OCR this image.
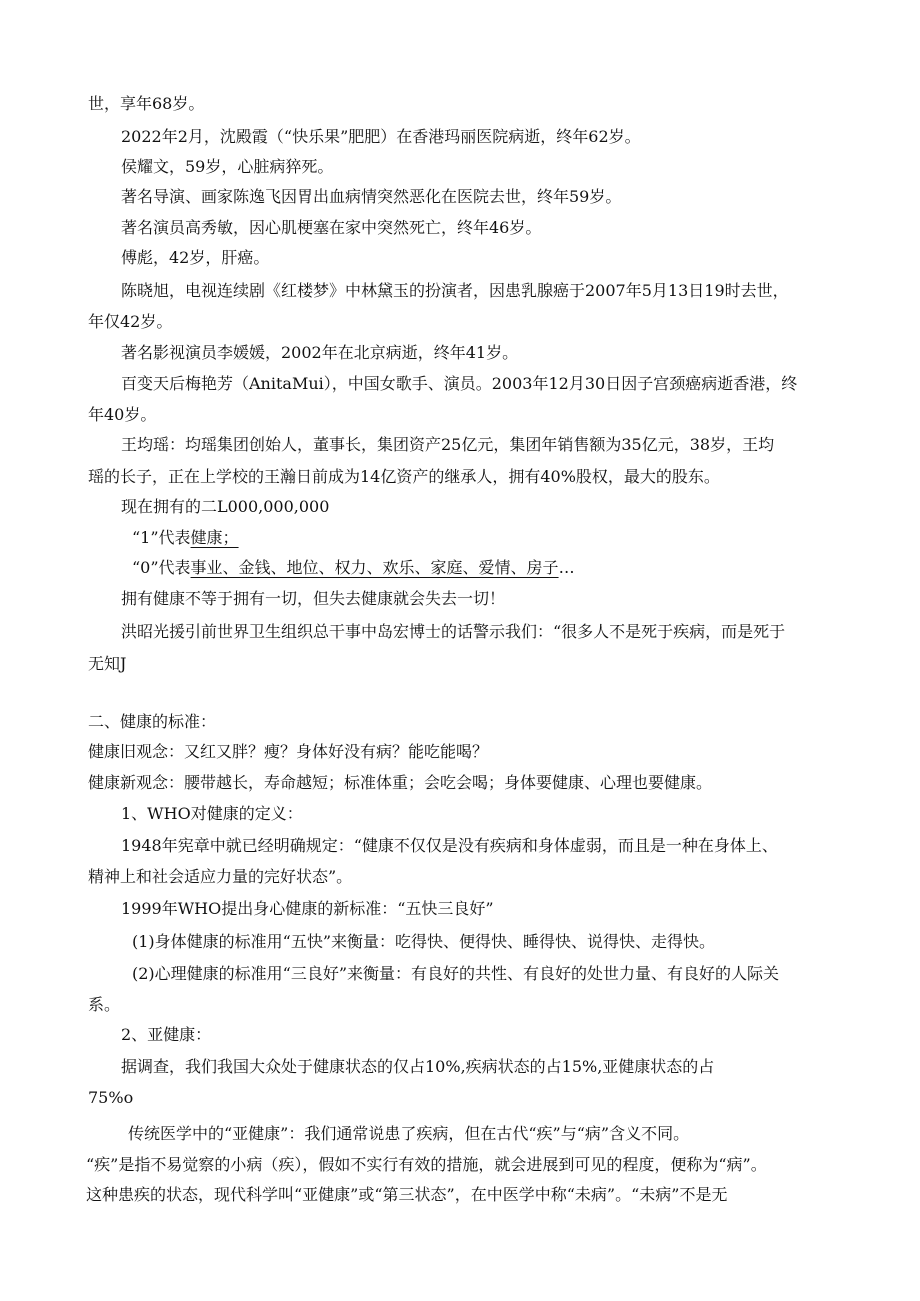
世，享年68岁。
2022年2月，沈殿霞（“快乐果”肥肥）在香港玛丽医院病逝，终年62岁。
侯耀文，59岁，心脏病猝死。
著名导演、画家陈逸飞因胃出血病情突然恶化在医院去世，终年59岁。
著名演员高秀敏，因心肌梗塞在家中突然死亡，终年46岁。
傅彪，42岁，肝癌。
陈晓旭，电视连续剧《红楼梦》中林黛玉的扮演者，因患乳腺癌于2007年5月13日19时去世，
年仅42岁。
著名影视演员李媛媛，2002年在北京病逝，终年41岁。
百变天后梅艳芳（AnitaMui），中国女歌手、演员。2003年12月30日因子宫颈癌病逝香港，终
年40岁。
王均瑶：均瑶集团创始人，董事长，集团资产25亿元，集团年销售额为35亿元，38岁，王均
瑶的长子，正在上学校的王瀚日前成为14亿资产的继承人，拥有40%股权，最大的股东。
现在拥有的二L000,000,000
“1”代表健康；
“0”代表事业、金钱、地位、权力、欢乐、家庭、爱情、房子…
拥有健康不等于拥有一切，但失去健康就会失去一切！
洪昭光援引前世界卫生组织总干事中岛宏博士的话警示我们：“很多人不是死于疾病，而是死于
无知J
二、健康的标准：
健康旧观念：又红又胖？瘦？身体好没有病？能吃能喝？
健康新观念：腰带越长，寿命越短；标准体重；会吃会喝；身体要健康、心理也要健康。
1、WHO对健康的定义：
1948年宪章中就已经明确规定：“健康不仅仅是没有疾病和身体虚弱，而且是一种在身体上、
精神上和社会适应力量的完好状态”。
1999年WHO提出身心健康的新标准：“五快三良好”
(1)身体健康的标准用“五快”来衡量：吃得快、便得快、睡得快、说得快、走得快。
(2)心理健康的标准用“三良好”来衡量：有良好的共性、有良好的处世力量、有良好的人际关
系。
2、亚健康：
据调查，我们我国大众处于健康状态的仅占10%,疾病状态的占15%,亚健康状态的占
75%o
传统医学中的“亚健康”：我们通常说患了疾病，但在古代“疾”与“病”含义不同。
“疾”是指不易觉察的小病（疾），假如不实行有效的措施，就会进展到可见的程度，便称为“病”。
这种患疾的状态，现代科学叫“亚健康”或“第三状态”，在中医学中称“未病”。“未病”不是无
